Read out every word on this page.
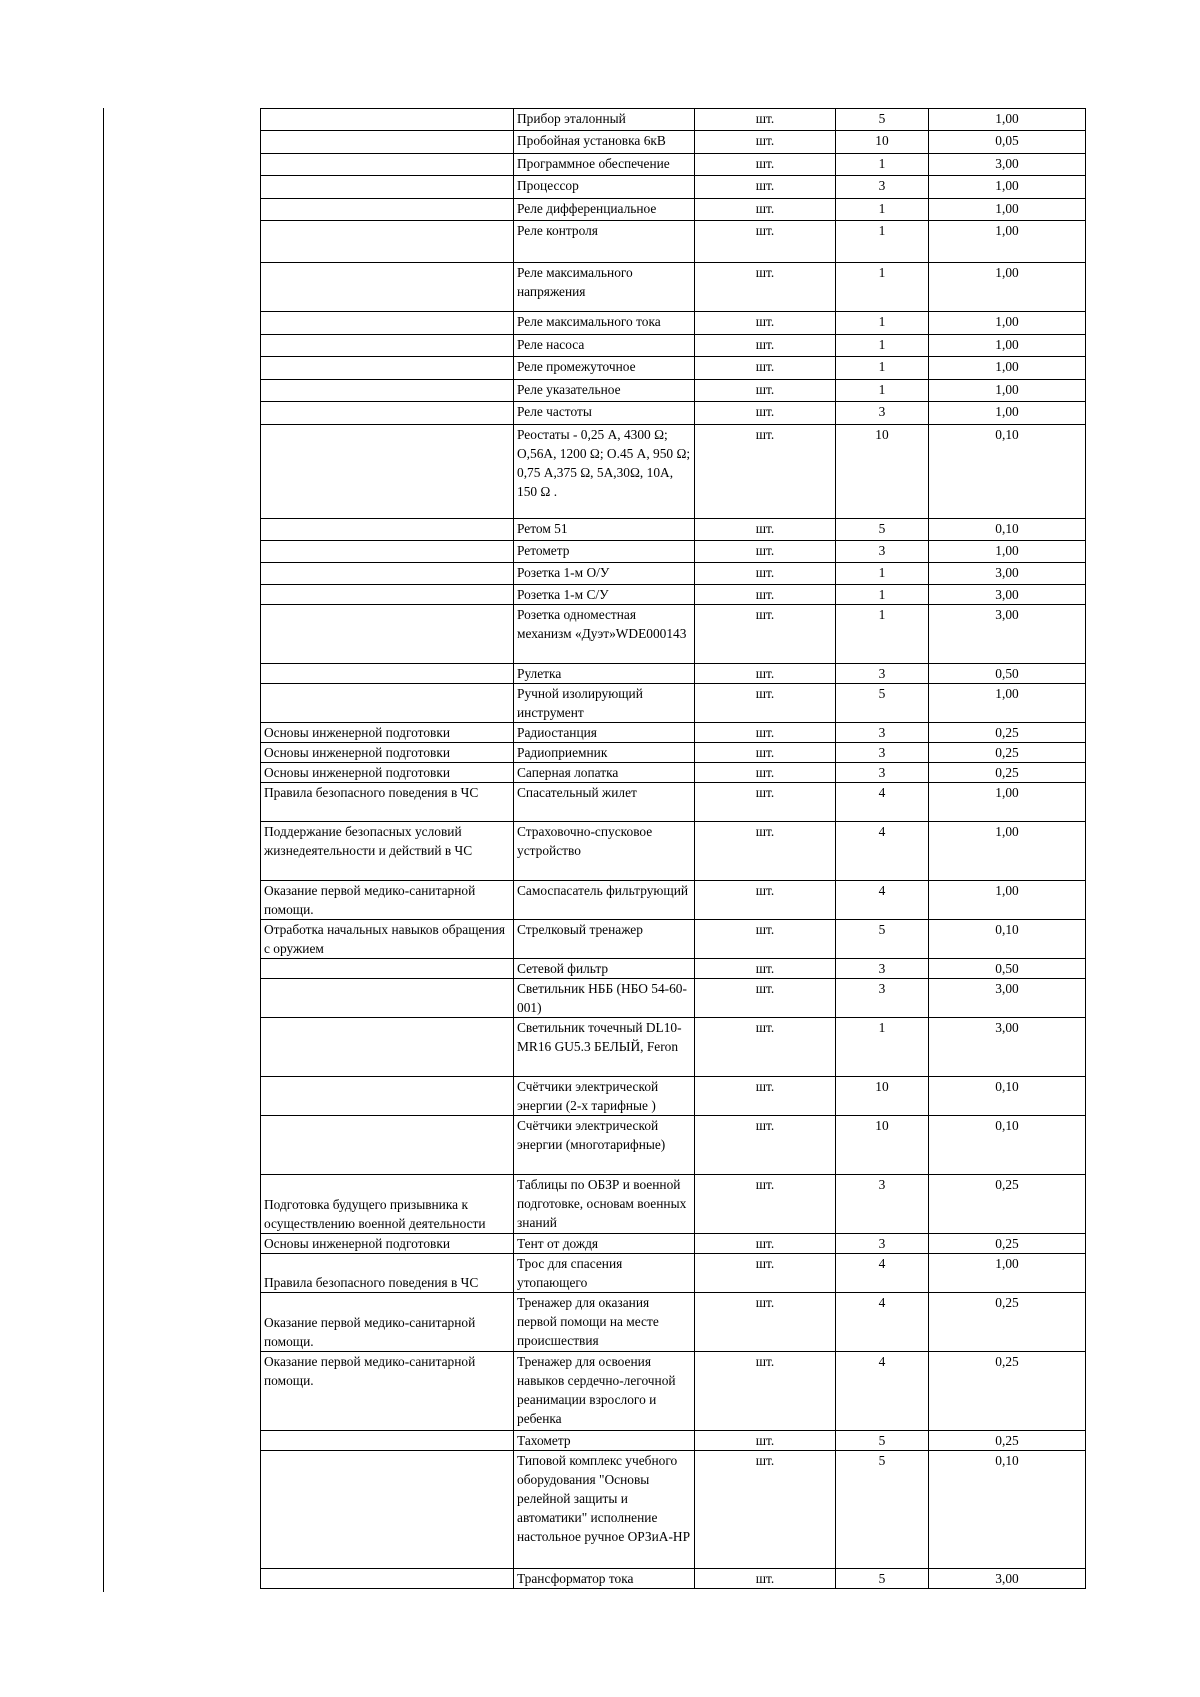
	Прибор эталонный	шт.	5	1,00
	Пробойная установка 6кВ	шт.	10	0,05
	Программное обеспечение	шт.	1	3,00
	Процессор	шт.	3	1,00
	Реле дифференциальное	шт.	1	1,00
	Реле контроля	шт.	1	1,00
	Реле максимального напряжения	шт.	1	1,00
	Реле максимального тока	шт.	1	1,00
	Реле насоса	шт.	1	1,00
	Реле промежуточное	шт.	1	1,00
	Реле указательное	шт.	1	1,00
	Реле частоты	шт.	3	1,00
	Реостаты - 0,25 А, 4300 Ω; О,56А, 1200 Ω; О.45 А, 950 Ω; 0,75 А,375 Ω, 5А,30Ω, 10А, 150 Ω .	шт.	10	0,10
	Ретом 51	шт.	5	0,10
	Ретометр	шт.	3	1,00
	Розетка 1-м О/У	шт.	1	3,00
	Розетка 1-м С/У	шт.	1	3,00
	Розетка одноместная механизм «Дуэт»WDE000143	шт.	1	3,00
	Рулетка	шт.	3	0,50
	Ручной изолирующий инструмент	шт.	5	1,00
Основы инженерной подготовки	Радиостанция	шт.	3	0,25
Основы инженерной подготовки	Радиоприемник	шт.	3	0,25
Основы инженерной подготовки	Саперная лопатка	шт.	3	0,25
Правила безопасного поведения в ЧС	Спасательный жилет	шт.	4	1,00
Поддержание безопасных условий жизнедеятельности и действий в ЧС	Страховочно-спусковое устройство	шт.	4	1,00
Оказание первой медико-санитарной помощи.	Самоспасатель фильтрующий	шт.	4	1,00
Отработка начальных навыков обращения с оружием	Стрелковый тренажер	шт.	5	0,10
	Сетевой фильтр	шт.	3	0,50
	Светильник НББ (НБО 54-60-001)	шт.	3	3,00
	Светильник точечный DL10-MR16 GU5.3 БЕЛЫЙ, Feron	шт.	1	3,00
	Счётчики электрической энергии (2-х тарифные )	шт.	10	0,10
	Счётчики электрической энергии (многотарифные)	шт.	10	0,10
Подготовка будущего призывника к осуществлению военной деятельности	Таблицы по ОБЗР и военной подготовке, основам военных знаний	шт.	3	0,25
Основы инженерной подготовки	Тент от дождя	шт.	3	0,25
Правила безопасного поведения в ЧС	Трос для спасения утопающего	шт.	4	1,00
Оказание первой медико-санитарной помощи.	Тренажер для оказания первой помощи на месте происшествия	шт.	4	0,25
Оказание первой медико-санитарной помощи.	Тренажер для освоения навыков сердечно-легочной реанимации взрослого и ребенка	шт.	4	0,25
	Тахометр	шт.	5	0,25
	Типовой комплекс учебного оборудования "Основы релейной защиты и автоматики" исполнение настольное ручное ОРЗиА-НР	шт.	5	0,10
	Трансформатор тока	шт.	5	3,00
